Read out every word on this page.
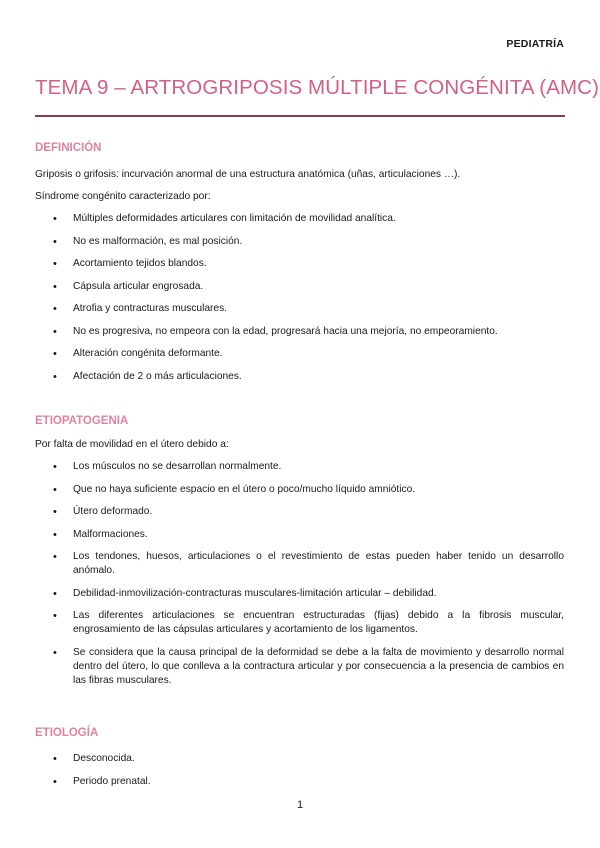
PEDIATRÍA
TEMA 9 – ARTROGRIPOSIS MÚLTIPLE CONGÉNITA (AMC)

DEFINICIÓN

Griposis o grifosis: incurvación anormal de una estructura anatómica (uñas, articulaciones …).

Síndrome congénito caracterizado por:

• Múltiples deformidades articulares con limitación de movilidad analítica.
• No es malformación, es mal posición.
• Acortamiento tejidos blandos.
• Cápsula articular engrosada.
• Atrofia y contracturas musculares.
• No es progresiva, no empeora con la edad, progresará hacia una mejoría, no empeoramiento.
• Alteración congénita deformante.
• Afectación de 2 o más articulaciones.

ETIOPATOGENIA

Por falta de movilidad en el útero debido a:

• Los músculos no se desarrollan normalmente.
• Que no haya suficiente espacio en el útero o poco/mucho líquido amniótico.
• Útero deformado.
• Malformaciones.
• Los tendones, huesos, articulaciones o el revestimiento de estas pueden haber tenido un desarrollo anómalo.
• Debilidad-inmovilización-contracturas musculares-limitación articular – debilidad.
• Las diferentes articulaciones se encuentran estructuradas (fijas) debido a la fibrosis muscular, engrosamiento de las cápsulas articulares y acortamiento de los ligamentos.
• Se considera que la causa principal de la deformidad se debe a la falta de movimiento y desarrollo normal dentro del útero, lo que conlleva a la contractura articular y por consecuencia a la presencia de cambios en las fibras musculares.

ETIOLOGÍA

• Desconocida.
• Periodo prenatal.
1
